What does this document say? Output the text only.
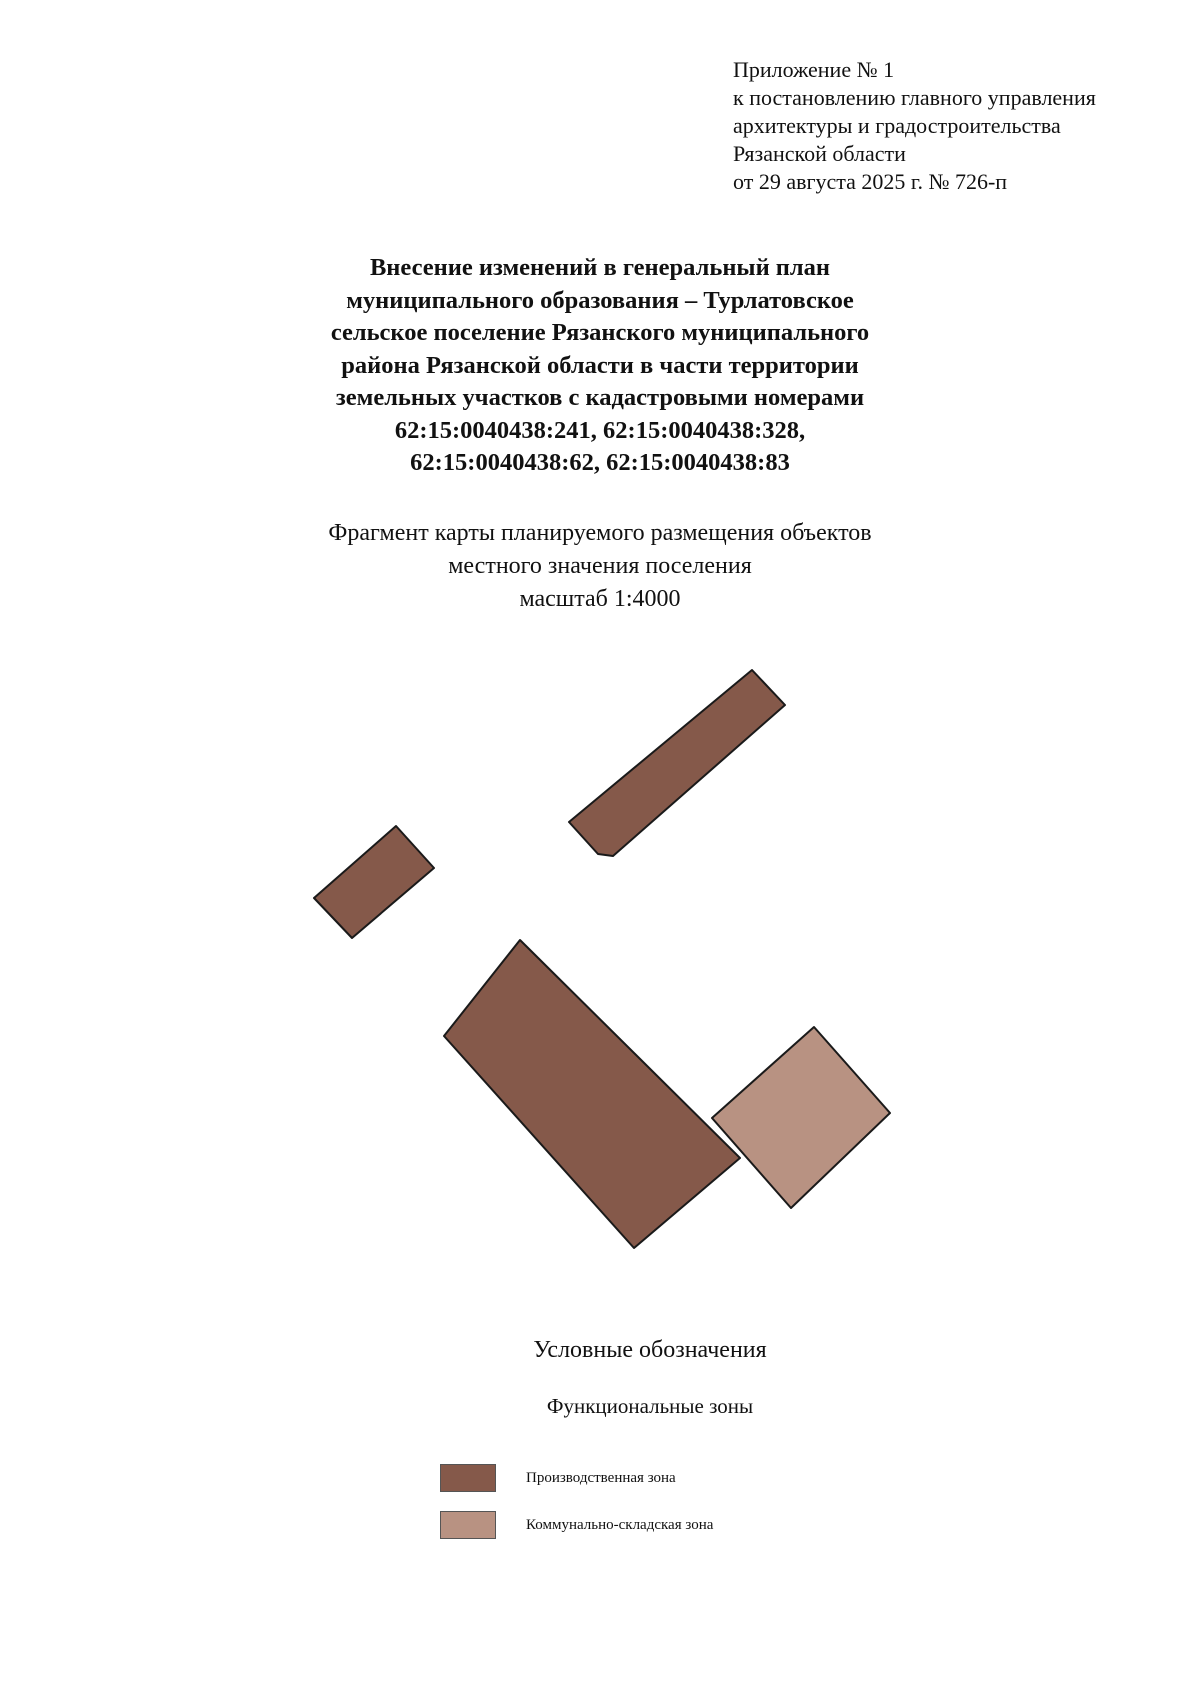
Приложение № 1
к постановлению главного управления
архитектуры и градостроительства
Рязанской области
от 29 августа 2025 г. № 726-п
Внесение изменений в генеральный план
муниципального образования – Турлатовское
сельское поселение Рязанского муниципального
района Рязанской области в части территории
земельных участков с кадастровыми номерами
62:15:0040438:241, 62:15:0040438:328,
62:15:0040438:62, 62:15:0040438:83
Фрагмент карты планируемого размещения объектов
местного значения поселения
масштаб 1:4000
Условные обозначения
Функциональные зоны
Производственная зона
Коммунально-складская зона
